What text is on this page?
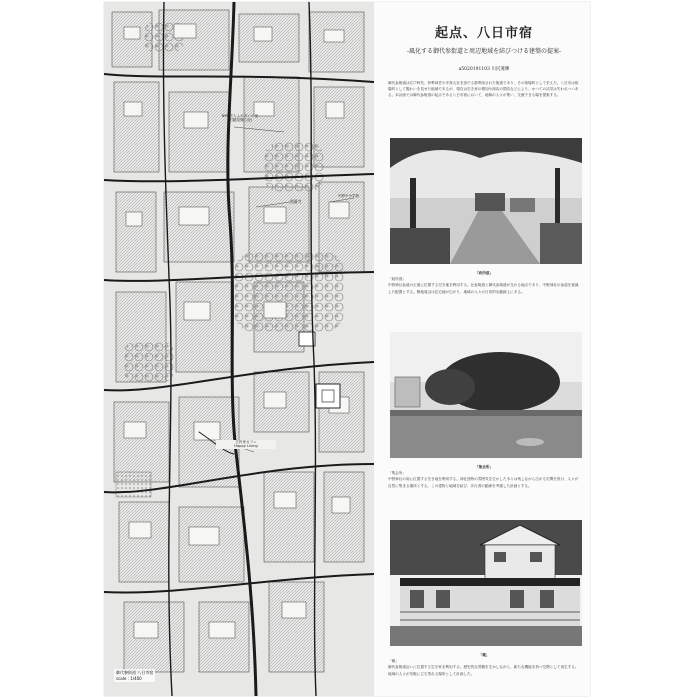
NPO法人ふれあいの里
(旧鍵屋麹工房)
照蓮寺
中野中小学校
古民家カフェ
Happy Living
御代参街道 八日市宿
scale : 1/400
起点、八日市宿
-風化する御代参街道と周辺地域を結びつける建築の提案-
a5020191103 川尻蓮輝

御代参街道は江戸時代、伊勢神宮や多賀大社を詣でる際利用された街道であり、その宿場町として栄えた。八日市は宿場町として賑わいを見せた地域であるが、現在は空き家の増加や商店の閉店などにより、かつての活気は失われつつある。本計画では御代参街道の起点である八日市宿において、地域の人々が集い、交流できる場を提案する。

「政所邸」
「政所邸」
中野神社参道の正面に位置する空き地を利用する。社参街道と御代参街道が交わる地点であり、中野神社の参道を意識した配置とする。敷地周辺は住宅地が広がり、地域の人々の日常的な動線上にある。

「集会所」
「集会所」
中野神社の南に位置する空き地を利用する。神社独特の雰囲気を生かした木々は残しながら広がる空間を設け、人々が自然に集まる場所とする。この建物と地域を結び、歩行者の動線を考慮した計画とする。

「蔵」
「蔵」
御代参街道沿いに位置する空き家を利用する。歴史的な景観を生かしながら、新たな機能を持つ空間として再生する。地域の人々が気軽に立ち寄れる場所として計画した。
